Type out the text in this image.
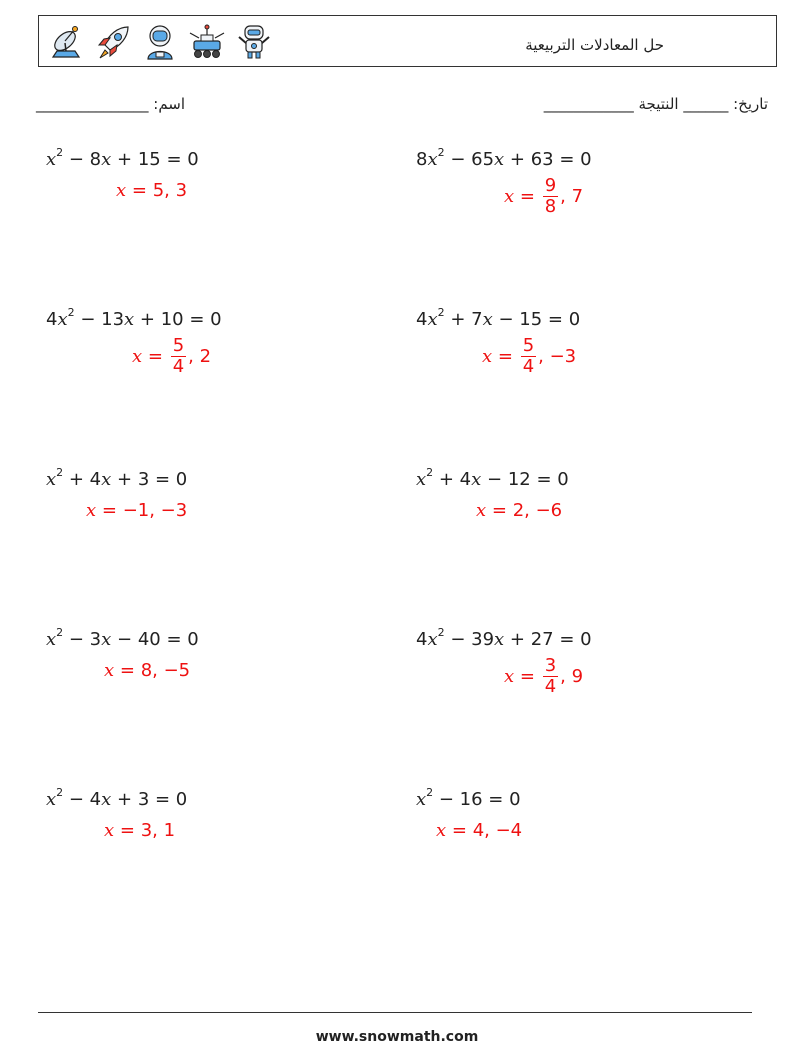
حل المعادلات التربيعية
اسم: _______________	تاريخ: ______ النتيجة ____________
$x^2 - 8x + 15 = 0$
x = 5, 3
$8x^2 - 65x + 63 = 0$
$x = \frac{9}{8}$ , 7
$4x^2 - 13x + 10 = 0$
$x = \frac{5}{4}$ , 2
$4x^2 + 7x - 15 = 0$
$x = \frac{5}{4}$ , −3
$x^2 + 4x + 3 = 0$
x = −1, −3
$x^2 + 4x - 12 = 0$
x = 2, −6
$x^2 - 3x - 40 = 0$
x = 8, −5
$4x^2 - 39x + 27 = 0$
$x = \frac{3}{4}$ , 9
$x^2 - 4x + 3 = 0$
x = 3, 1
$x^2 - 16 = 0$
x = 4, −4
www.snowmath.com
